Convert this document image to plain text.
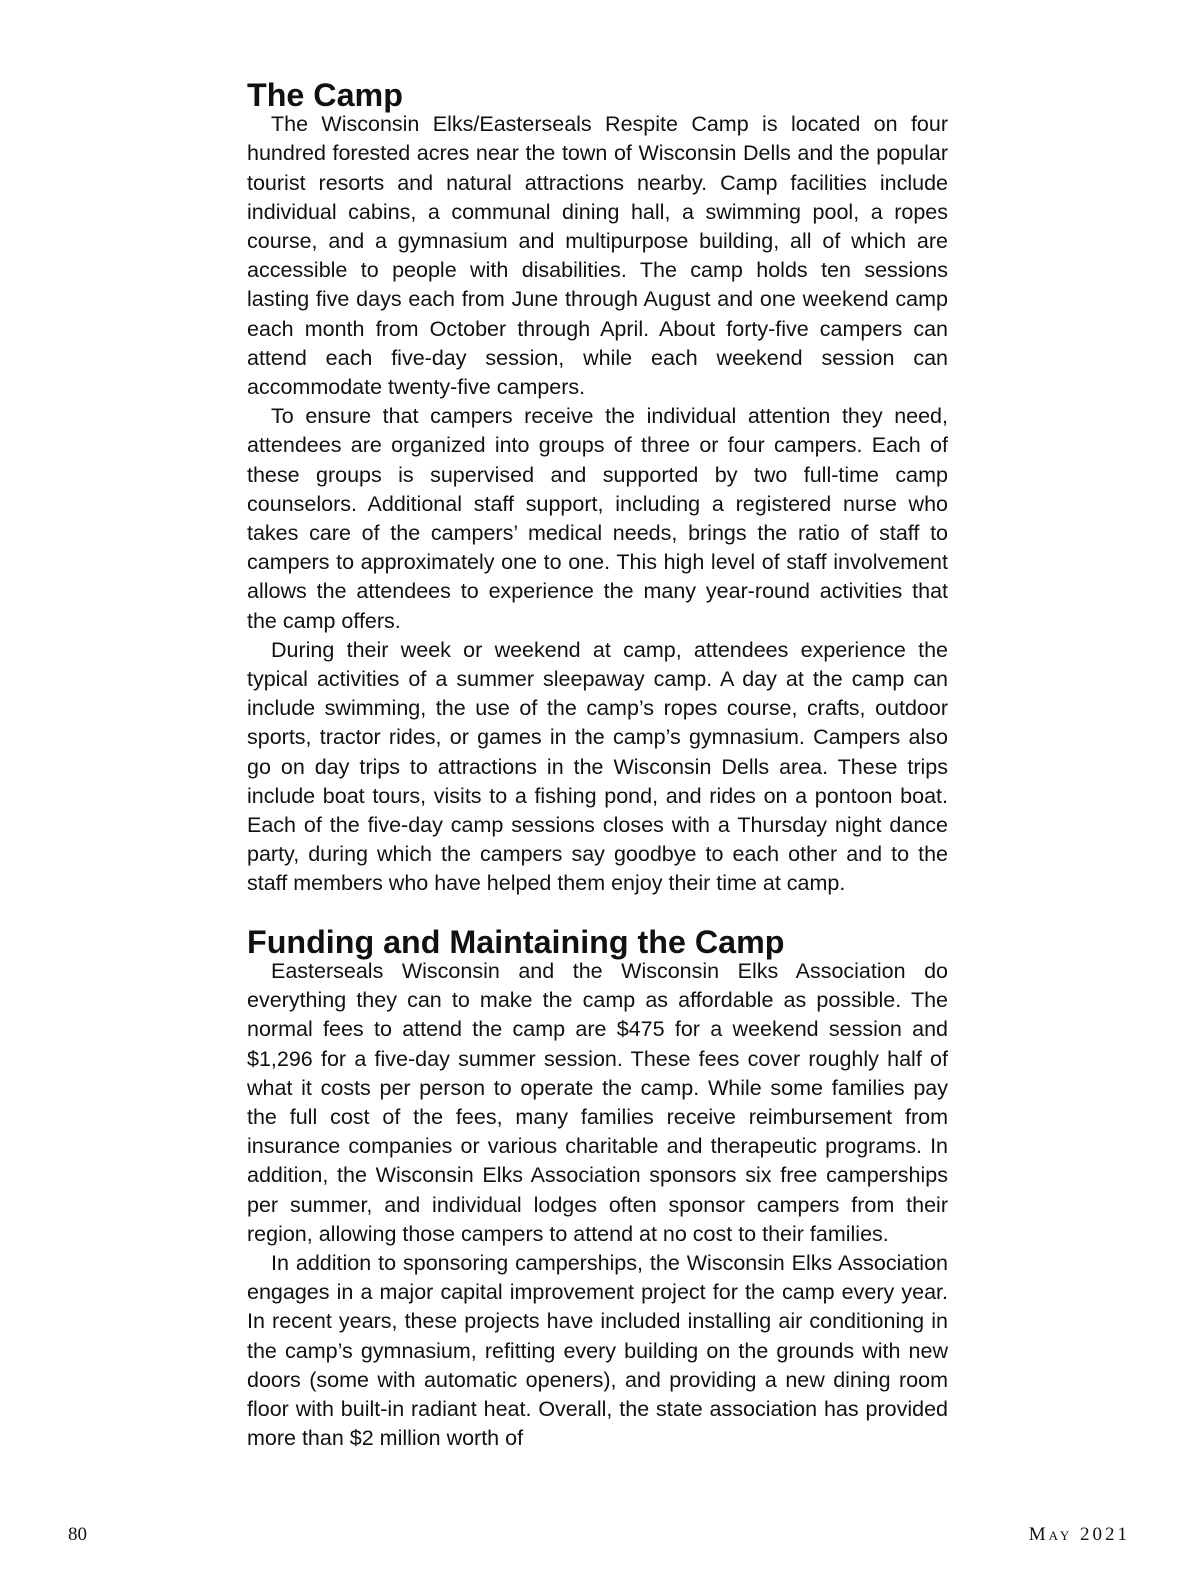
The Camp

The Wisconsin Elks/Easterseals Respite Camp is located on four hundred forested acres near the town of Wisconsin Dells and the popular tourist resorts and natural attractions nearby. Camp facilities include individual cabins, a communal dining hall, a swimming pool, a ropes course, and a gymnasium and multipurpose building, all of which are accessible to people with disabilities. The camp holds ten sessions lasting five days each from June through August and one weekend camp each month from October through April. About forty-five campers can attend each five-day session, while each weekend session can accommodate twenty-five campers.

To ensure that campers receive the individual attention they need, attendees are organized into groups of three or four campers. Each of these groups is supervised and supported by two full-time camp counselors. Additional staff support, including a registered nurse who takes care of the campers’ medical needs, brings the ratio of staff to campers to approximately one to one. This high level of staff involvement allows the attendees to experience the many year-round activities that the camp offers.

During their week or weekend at camp, attendees experience the typical activities of a summer sleepaway camp. A day at the camp can include swimming, the use of the camp’s ropes course, crafts, outdoor sports, tractor rides, or games in the camp’s gymnasium. Campers also go on day trips to attractions in the Wisconsin Dells area. These trips include boat tours, visits to a fishing pond, and rides on a pontoon boat. Each of the five-day camp sessions closes with a Thursday night dance party, during which the campers say goodbye to each other and to the staff members who have helped them enjoy their time at camp.

Funding and Maintaining the Camp

Easterseals Wisconsin and the Wisconsin Elks Association do everything they can to make the camp as affordable as possible. The normal fees to attend the camp are $475 for a weekend session and $1,296 for a five-day summer session. These fees cover roughly half of what it costs per person to operate the camp. While some families pay the full cost of the fees, many families receive reimbursement from insurance companies or various charitable and therapeutic programs. In addition, the Wisconsin Elks Association sponsors six free camperships per summer, and individual lodges often sponsor campers from their region, allowing those campers to attend at no cost to their families.

In addition to sponsoring camperships, the Wisconsin Elks Association engages in a major capital improvement project for the camp every year. In recent years, these projects have included installing air conditioning in the camp’s gymnasium, refitting every building on the grounds with new doors (some with automatic openers), and providing a new dining room floor with built-in radiant heat. Overall, the state association has provided more than $2 million worth of

80	May 2021
